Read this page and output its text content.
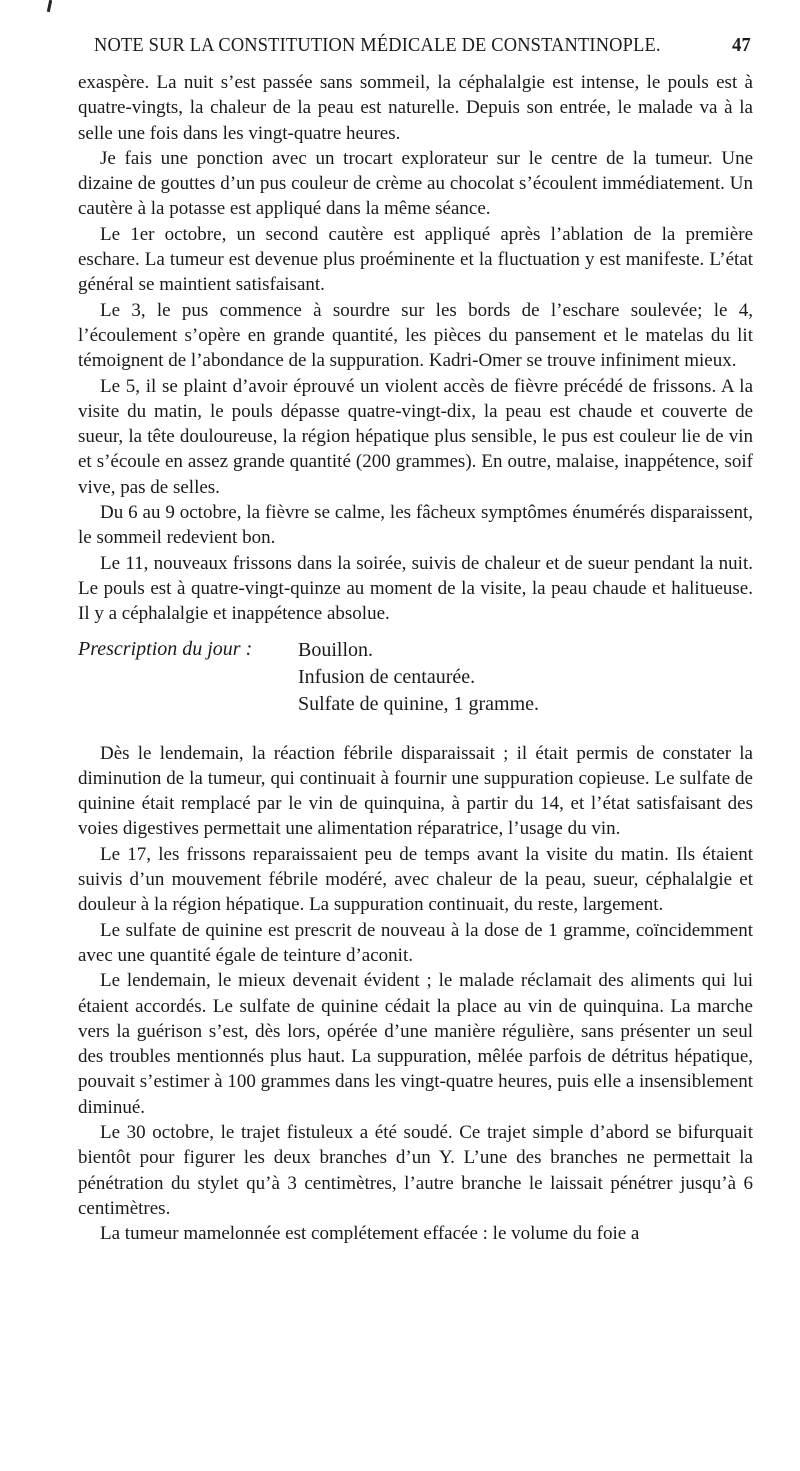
NOTE SUR LA CONSTITUTION MÉDICALE DE CONSTANTINOPLE.	47

exaspère. La nuit s’est passée sans sommeil, la céphalalgie est intense, le pouls est à quatre-vingts, la chaleur de la peau est naturelle. Depuis son entrée, le malade va à la selle une fois dans les vingt-quatre heures.

Je fais une ponction avec un trocart explorateur sur le centre de la tumeur. Une dizaine de gouttes d’un pus couleur de crème au chocolat s’écoulent immédiatement. Un cautère à la potasse est appliqué dans la même séance.

Le 1er octobre, un second cautère est appliqué après l’ablation de la première eschare. La tumeur est devenue plus proéminente et la fluctuation y est manifeste. L’état général se maintient satisfaisant.

Le 3, le pus commence à sourdre sur les bords de l’eschare soulevée; le 4, l’écoulement s’opère en grande quantité, les pièces du pansement et le matelas du lit témoignent de l’abondance de la suppuration. Kadri-Omer se trouve infiniment mieux.

Le 5, il se plaint d’avoir éprouvé un violent accès de fièvre précédé de frissons. A la visite du matin, le pouls dépasse quatre-vingt-dix, la peau est chaude et couverte de sueur, la tête douloureuse, la région hépatique plus sensible, le pus est couleur lie de vin et s’écoule en assez grande quantité (200 grammes). En outre, malaise, inappétence, soif vive, pas de selles.

Du 6 au 9 octobre, la fièvre se calme, les fâcheux symptômes énumérés disparaissent, le sommeil redevient bon.

Le 11, nouveaux frissons dans la soirée, suivis de chaleur et de sueur pendant la nuit. Le pouls est à quatre-vingt-quinze au moment de la visite, la peau chaude et halitueuse. Il y a céphalalgie et inappétence absolue.

Prescription du jour : Bouillon.
Infusion de centaurée.
Sulfate de quinine, 1 gramme.

Dès le lendemain, la réaction fébrile disparaissait ; il était permis de constater la diminution de la tumeur, qui continuait à fournir une suppuration copieuse. Le sulfate de quinine était remplacé par le vin de quinquina, à partir du 14, et l’état satisfaisant des voies digestives permettait une alimentation réparatrice, l’usage du vin.

Le 17, les frissons reparaissaient peu de temps avant la visite du matin. Ils étaient suivis d’un mouvement fébrile modéré, avec chaleur de la peau, sueur, céphalalgie et douleur à la région hépatique. La suppuration continuait, du reste, largement.

Le sulfate de quinine est prescrit de nouveau à la dose de 1 gramme, coïncidemment avec une quantité égale de teinture d’aconit.

Le lendemain, le mieux devenait évident ; le malade réclamait des aliments qui lui étaient accordés. Le sulfate de quinine cédait la place au vin de quinquina. La marche vers la guérison s’est, dès lors, opérée d’une manière régulière, sans présenter un seul des troubles mentionnés plus haut. La suppuration, mêlée parfois de détritus hépatique, pouvait s’estimer à 100 grammes dans les vingt-quatre heures, puis elle a insensiblement diminué.

Le 30 octobre, le trajet fistuleux a été soudé. Ce trajet simple d’abord se bifurquait bientôt pour figurer les deux branches d’un Y. L’une des branches ne permettait la pénétration du stylet qu’à 3 centimètres, l’autre branche le laissait pénétrer jusqu’à 6 centimètres.

La tumeur mamelonnée est complétement effacée : le volume du foie a
